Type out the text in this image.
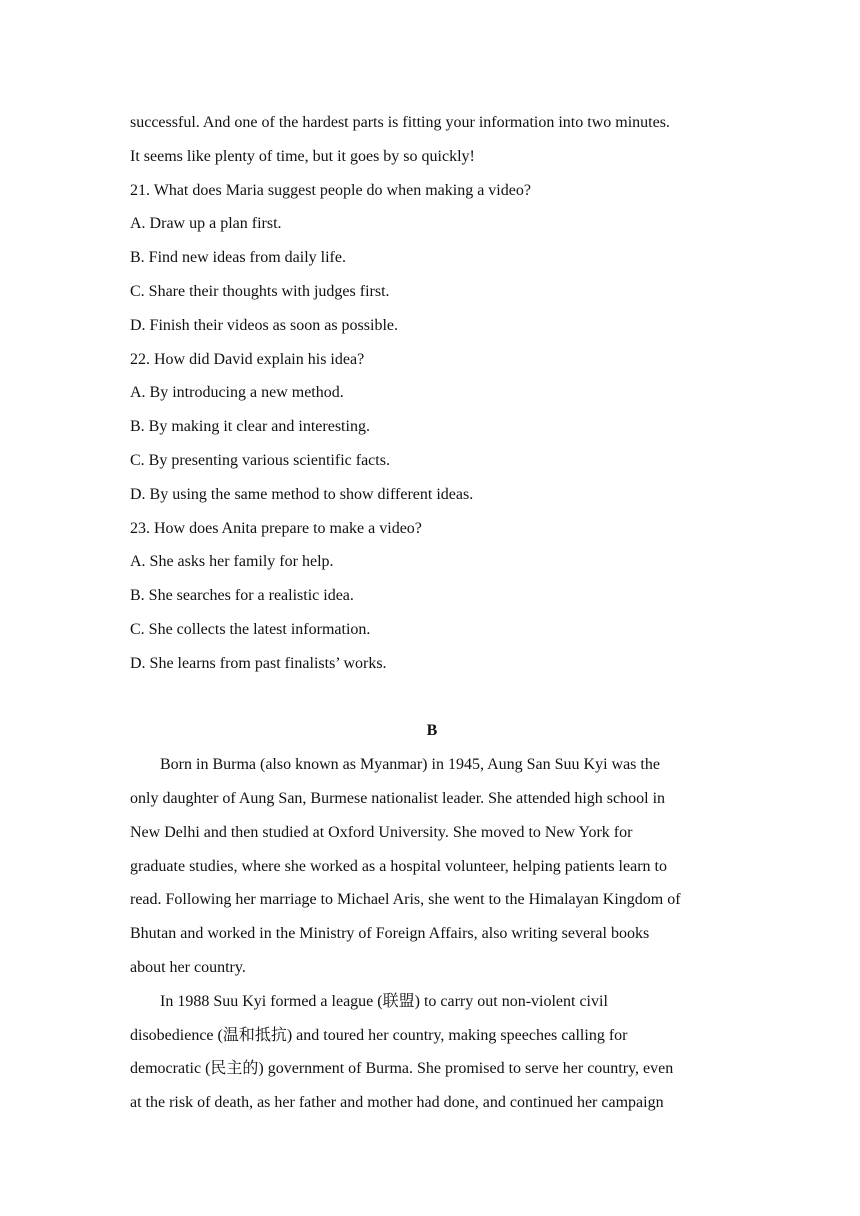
successful. And one of the hardest parts is fitting your information into two minutes.
It seems like plenty of time, but it goes by so quickly!
21. What does Maria suggest people do when making a video?
A. Draw up a plan first.
B. Find new ideas from daily life.
C. Share their thoughts with judges first.
D. Finish their videos as soon as possible.
22. How did David explain his idea?
A. By introducing a new method.
B. By making it clear and interesting.
C. By presenting various scientific facts.
D. By using the same method to show different ideas.
23. How does Anita prepare to make a video?
A. She asks her family for help.
B. She searches for a realistic idea.
C. She collects the latest information.
D. She learns from past finalists’ works.
B
Born in Burma (also known as Myanmar) in 1945, Aung San Suu Kyi was the
only daughter of Aung San, Burmese nationalist leader. She attended high school in
New Delhi and then studied at Oxford University. She moved to New York for
graduate studies, where she worked as a hospital volunteer, helping patients learn to
read. Following her marriage to Michael Aris, she went to the Himalayan Kingdom of
Bhutan and worked in the Ministry of Foreign Affairs, also writing several books
about her country.
In 1988 Suu Kyi formed a league (联盟) to carry out non-violent civil
disobedience (温和抵抗) and toured her country, making speeches calling for
democratic (民主的) government of Burma. She promised to serve her country, even
at the risk of death, as her father and mother had done, and continued her campaign
